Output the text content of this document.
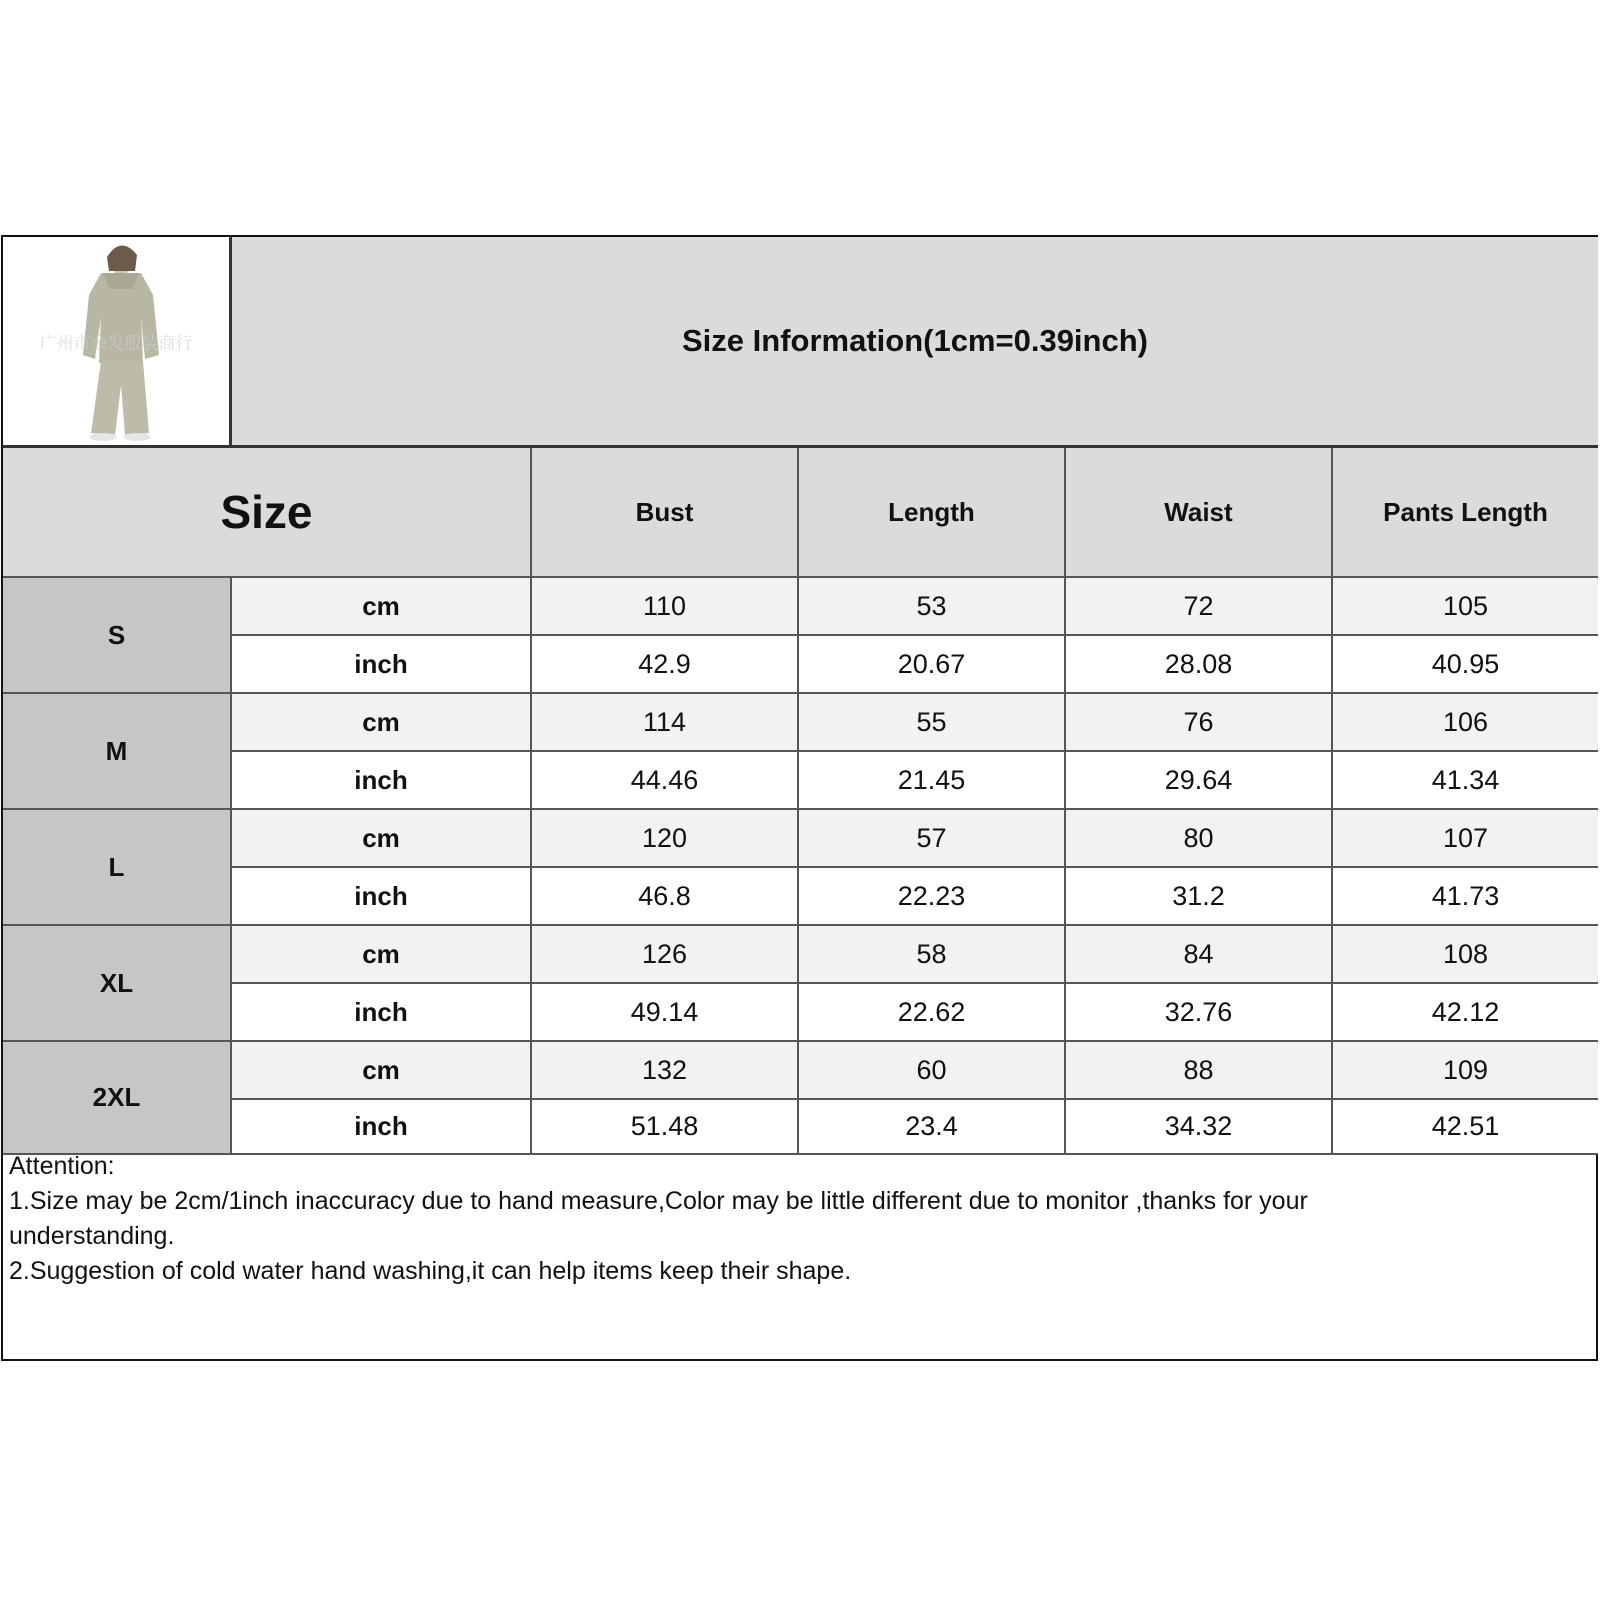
广州市余发服装商行	Size Information(1cm=0.39inch)
Size	Bust	Length	Waist	Pants Length
S
cm	110	53	72	105
inch	42.9	20.67	28.08	40.95
M
cm	114	55	76	106
inch	44.46	21.45	29.64	41.34
L
cm	120	57	80	107
inch	46.8	22.23	31.2	41.73
XL
cm	126	58	84	108
inch	49.14	22.62	32.76	42.12
2XL
cm	132	60	88	109
inch	51.48	23.4	34.32	42.51
Attention:
1.Size may be 2cm/1inch inaccuracy due to hand measure,Color may be little different due to monitor ,thanks for your understanding.
2.Suggestion of cold water hand washing,it can help items keep their shape.
